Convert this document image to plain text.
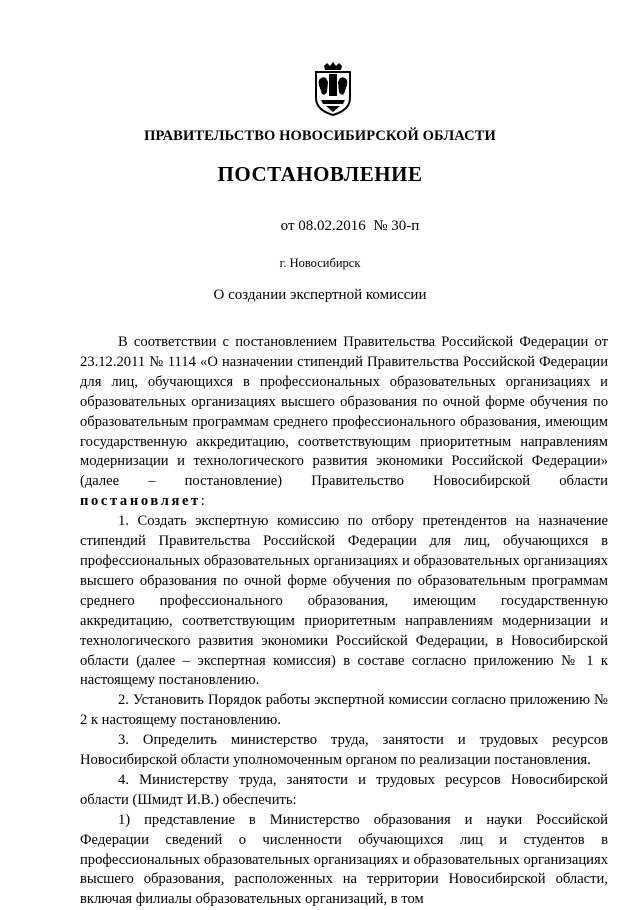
ПРАВИТЕЛЬСТВО НОВОСИБИРСКОЙ ОБЛАСТИ
ПОСТАНОВЛЕНИЕ
от 08.02.2016 № 30-п
г. Новосибирск
О создании экспертной комиссии

В соответствии с постановлением Правительства Российской Федерации от 23.12.2011 № 1114 «О назначении стипендий Правительства Российской Федерации для лиц, обучающихся в профессиональных образовательных организациях и образовательных организациях высшего образования по очной форме обучения по образовательным программам среднего профессионального образования, имеющим государственную аккредитацию, соответствующим приоритетным направлениям модернизации и технологического развития экономики Российской Федерации» (далее – постановление) Правительство Новосибирской области постановляет:

1. Создать экспертную комиссию по отбору претендентов на назначение стипендий Правительства Российской Федерации для лиц, обучающихся в профессиональных образовательных организациях и образовательных организациях высшего образования по очной форме обучения по образовательным программам среднего профессионального образования, имеющим государственную аккредитацию, соответствующим приоритетным направлениям модернизации и технологического развития экономики Российской Федерации, в Новосибирской области (далее – экспертная комиссия) в составе согласно приложению № 1 к настоящему постановлению.

2. Установить Порядок работы экспертной комиссии согласно приложению № 2 к настоящему постановлению.

3. Определить министерство труда, занятости и трудовых ресурсов Новосибирской области уполномоченным органом по реализации постановления.

4. Министерству труда, занятости и трудовых ресурсов Новосибирской области (Шмидт И.В.) обеспечить:

1) представление в Министерство образования и науки Российской Федерации сведений о численности обучающихся лиц и студентов в профессиональных образовательных организациях и образовательных организациях высшего образования, расположенных на территории Новосибирской области, включая филиалы образовательных организаций, в том
